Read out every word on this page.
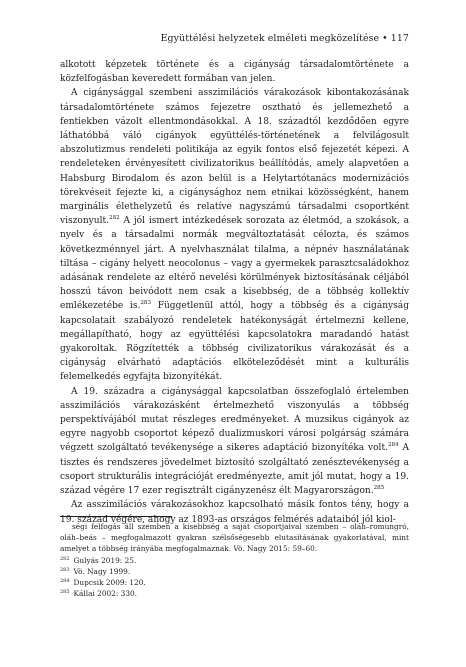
Együttélési helyzetek elméleti megközelítése • 117

alkotott képzetek története és a cigányság társadalomtörténete a közfelfogásban keveredett formában van jelen.

A cigánysággal szembeni asszimilációs várakozások kibontakozásának társadalomtörténete számos fejezetre osztható és jellemezhető a fentiekben vázolt ellentmondásokkal. A 18. századtól kezdődően egyre láthatóbbá váló cigányok együttélés-történetének a felvilágosult abszolutizmus rendeleti politikája az egyik fontos első fejezetét képezi. A rendeleteken érvényesített civilizatorikus beállítódás, amely alapvetően a Habsburg Birodalom és azon belül is a Helytartótanács modernizációs törekvéseit fejezte ki, a cigánysághoz nem etnikai közösségként, hanem marginális élethelyzetű és relatíve nagyszámú társadalmi csoportként viszonyult.$^{282}$ A jól ismert intézkedések sorozata az életmód, a szokások, a nyelv és a társadalmi normák megváltoztatását célozta, és számos következménnyel járt. A nyelvhasználat tilalma, a népnév használatának tiltása – cigány helyett neocolonus – vagy a gyermekek parasztcsaládokhoz adásának rendelete az eltérő nevelési körülmények biztosításának céljából hosszú távon beivódott nem csak a kisebbség, de a többség kollektív emlékezetébe is.$^{283}$ Függetlenül attól, hogy a többség és a cigányság kapcsolatait szabályozó rendeletek hatékonyságát értelmezni kellene, megállapítható, hogy az együttélési kapcsolatokra maradandó hatást gyakoroltak. Rögzítették a többség civilizatorikus várakozását és a cigányság elvárható adaptációs elköteleződését mint a kulturális felemelkedés egyfajta bizonyítékát.

A 19. századra a cigánysággal kapcsolatban összefoglaló értelemben asszimilációs várakozásként értelmezhető viszonyulás a többség perspektívájából mutat részleges eredményeket. A muzsikus cigányok az egyre nagyobb csoportot képező dualizmuskori városi polgárság számára végzett szolgáltató tevékenysége a sikeres adaptáció bizonyítéka volt.$^{284}$ A tisztes és rendszeres jövedelmet biztosító szolgáltató zenésztevékenység a csoport strukturális integrációját eredményezte, amit jól mutat, hogy a 19. század végére 17 ezer regisztrált cigányzenész élt Magyarországon.$^{285}$

Az asszimilációs várakozásokhoz kapcsolható másik fontos tény, hogy a 19. század végére, ahogy az 1893-as országos felmérés adataiból jól kiol-

ségi felfogás áll szemben a kisebbség a saját csoportjaival szemben – oláh–romungró, oláh–beás – megfogalmazott gyakran szélsőségesebb elutasításának gyakorlatával, mint amelyet a többség irányába megfogalmaznak. Vö. Nagy 2015: 59–60.

$^{282}$ Gulyás 2019: 25.

$^{283}$ Vö. Nagy 1999.

$^{284}$ Dupcsik 2009: 120.

$^{285}$ Kállai 2002: 330.
